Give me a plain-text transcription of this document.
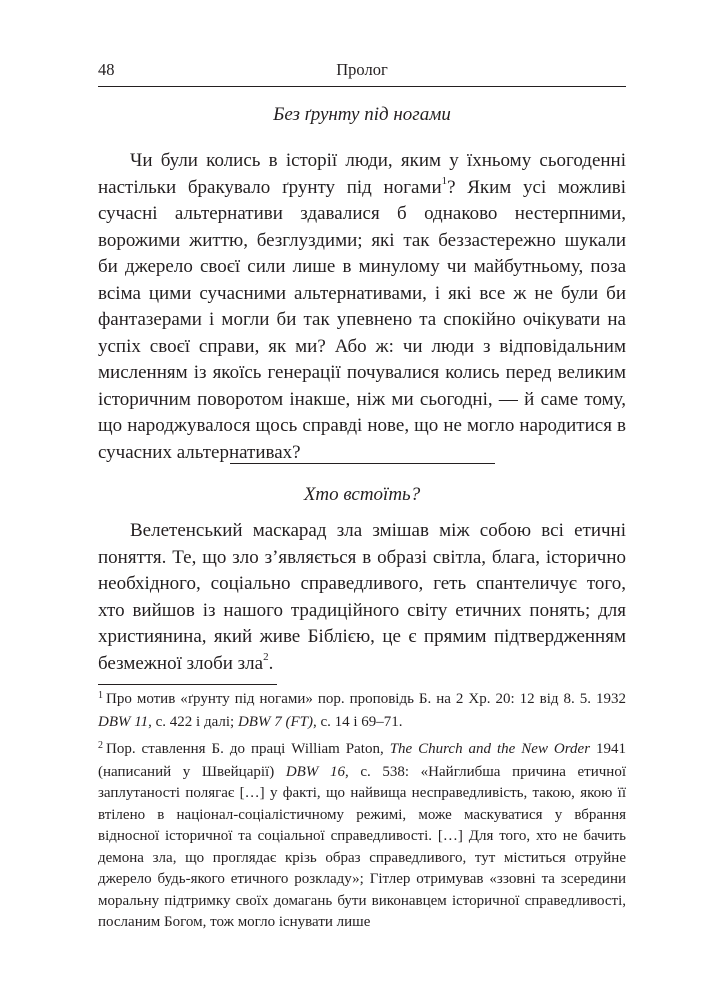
48	Пролог
Без ґрунту під ногами

Чи були колись в історії люди, яким у їхньому сьогоденні настільки бракувало ґрунту під ногами$^1$? Яким усі можливі сучасні альтернативи здавалися б однаково нестерпними, ворожими життю, безглуздими; які так беззастережно шукали би джерело своєї сили лише в минулому чи майбутньому, поза всіма цими сучасними альтернативами, і які все ж не були би фантазерами і могли би так упевнено та спокійно очікувати на успіх своєї справи, як ми? Або ж: чи люди з відповідальним мисленням із якоїсь генерації почувалися колись перед великим історичним поворотом інакше, ніж ми сьогодні, — й саме тому, що народжувалося щось справді нове, що не могло народитися в сучасних альтернативах?

Хто встоїть?

Велетенський маскарад зла змішав між собою всі етичні поняття. Те, що зло з’являється в образі світла, блага, історично необхідного, соціально справедливого, геть спантеличує того, хто вийшов із нашого традиційного світу етичних понять; для християнина, який живе Біблією, це є прямим підтвердженням безмежної злоби зла$^2$.

$^1$ Про мотив «ґрунту під ногами» пор. проповідь Б. на 2 Хр. 20: 12 від 8. 5. 1932 DBW 11, с. 422 і далі; DBW 7 (FT), с. 14 і 69–71.

$^2$ Пор. ставлення Б. до праці William Paton, The Church and the New Order 1941 (написаний у Швейцарії) DBW 16, с. 538: «Найглибша причина етичної заплутаності полягає […] у факті, що найвища несправедливість, такою, якою її втілено в націонал-соціалістичному режимі, може маскуватися у вбрання відносної історичної та соціальної справедливості. […] Для того, хто не бачить демона зла, що проглядає крізь образ справедливого, тут міститься отруйне джерело будь-якого етичного розкладу»; Гітлер отримував «ззовні та зсередини моральну підтримку своїх домагань бути виконавцем історичної справедливості, посланим Богом, тож могло існувати лише
